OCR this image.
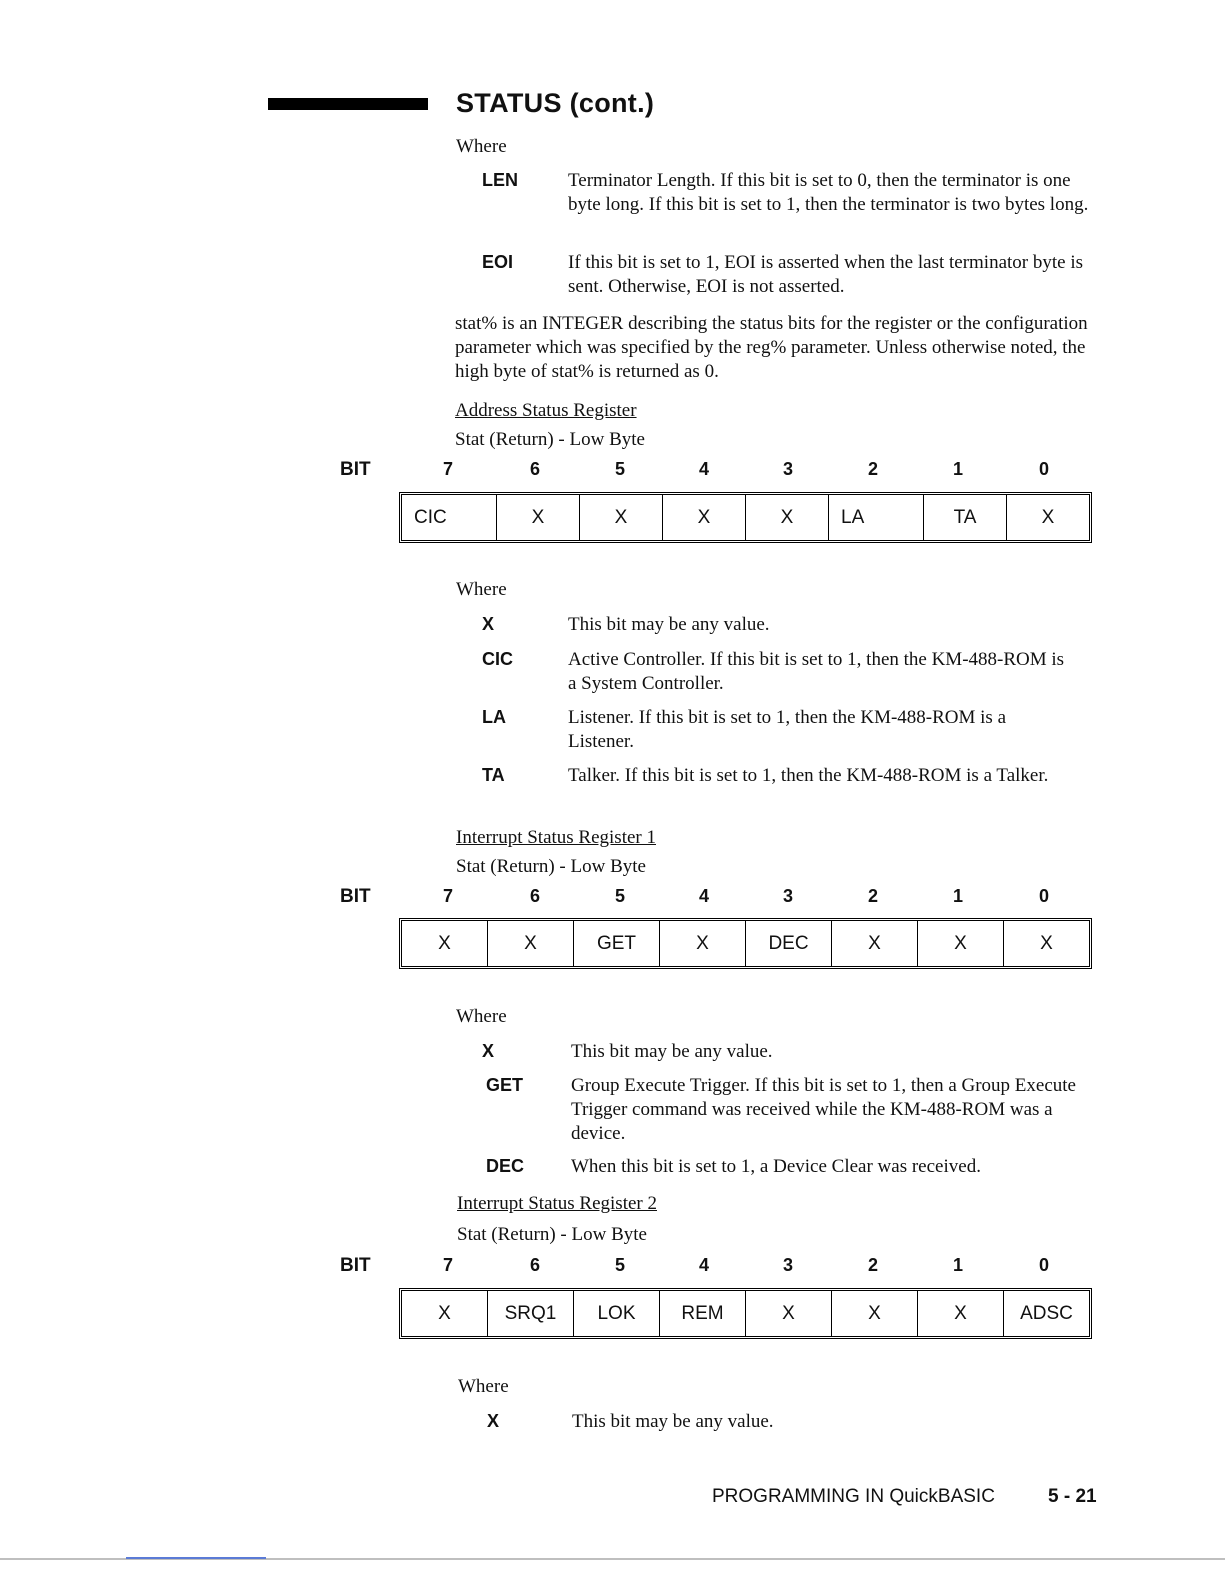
STATUS (cont.)
Where
LEN	Terminator Length. If this bit is set to 0, then the terminator is one byte long. If this bit is set to 1, then the terminator is two bytes long.
EOI	If this bit is set to 1, EOI is asserted when the last terminator byte is sent. Otherwise, EOI is not asserted.
stat% is an INTEGER describing the status bits for the register or the configuration parameter which was specified by the reg% parameter. Unless otherwise noted, the high byte of stat% is returned as 0.
Address Status Register
Stat (Return) - Low Byte
BIT	7	6	5	4	3	2	1	0
CIC	X	X	X	X	LA	TA	X
Where
X	This bit may be any value.
CIC	Active Controller. If this bit is set to 1, then the KM-488-ROM is a System Controller.
LA	Listener. If this bit is set to 1, then the KM-488-ROM is a Listener.
TA	Talker. If this bit is set to 1, then the KM-488-ROM is a Talker.
Interrupt Status Register 1
Stat (Return) - Low Byte
BIT	7	6	5	4	3	2	1	0
X	X	GET	X	DEC	X	X	X
Where
X	This bit may be any value.
GET	Group Execute Trigger. If this bit is set to 1, then a Group Execute Trigger command was received while the KM-488-ROM was a device.
DEC When this bit is set to 1, a Device Clear was received.
Interrupt Status Register 2
Stat (Return) - Low Byte
BIT	7	6	5	4	3	2	1	0
X	SRQ1	LOK	REM	X	X	X	ADSC
Where
X	This bit may be any value.
PROGRAMMING IN QuickBASIC	5 - 21
